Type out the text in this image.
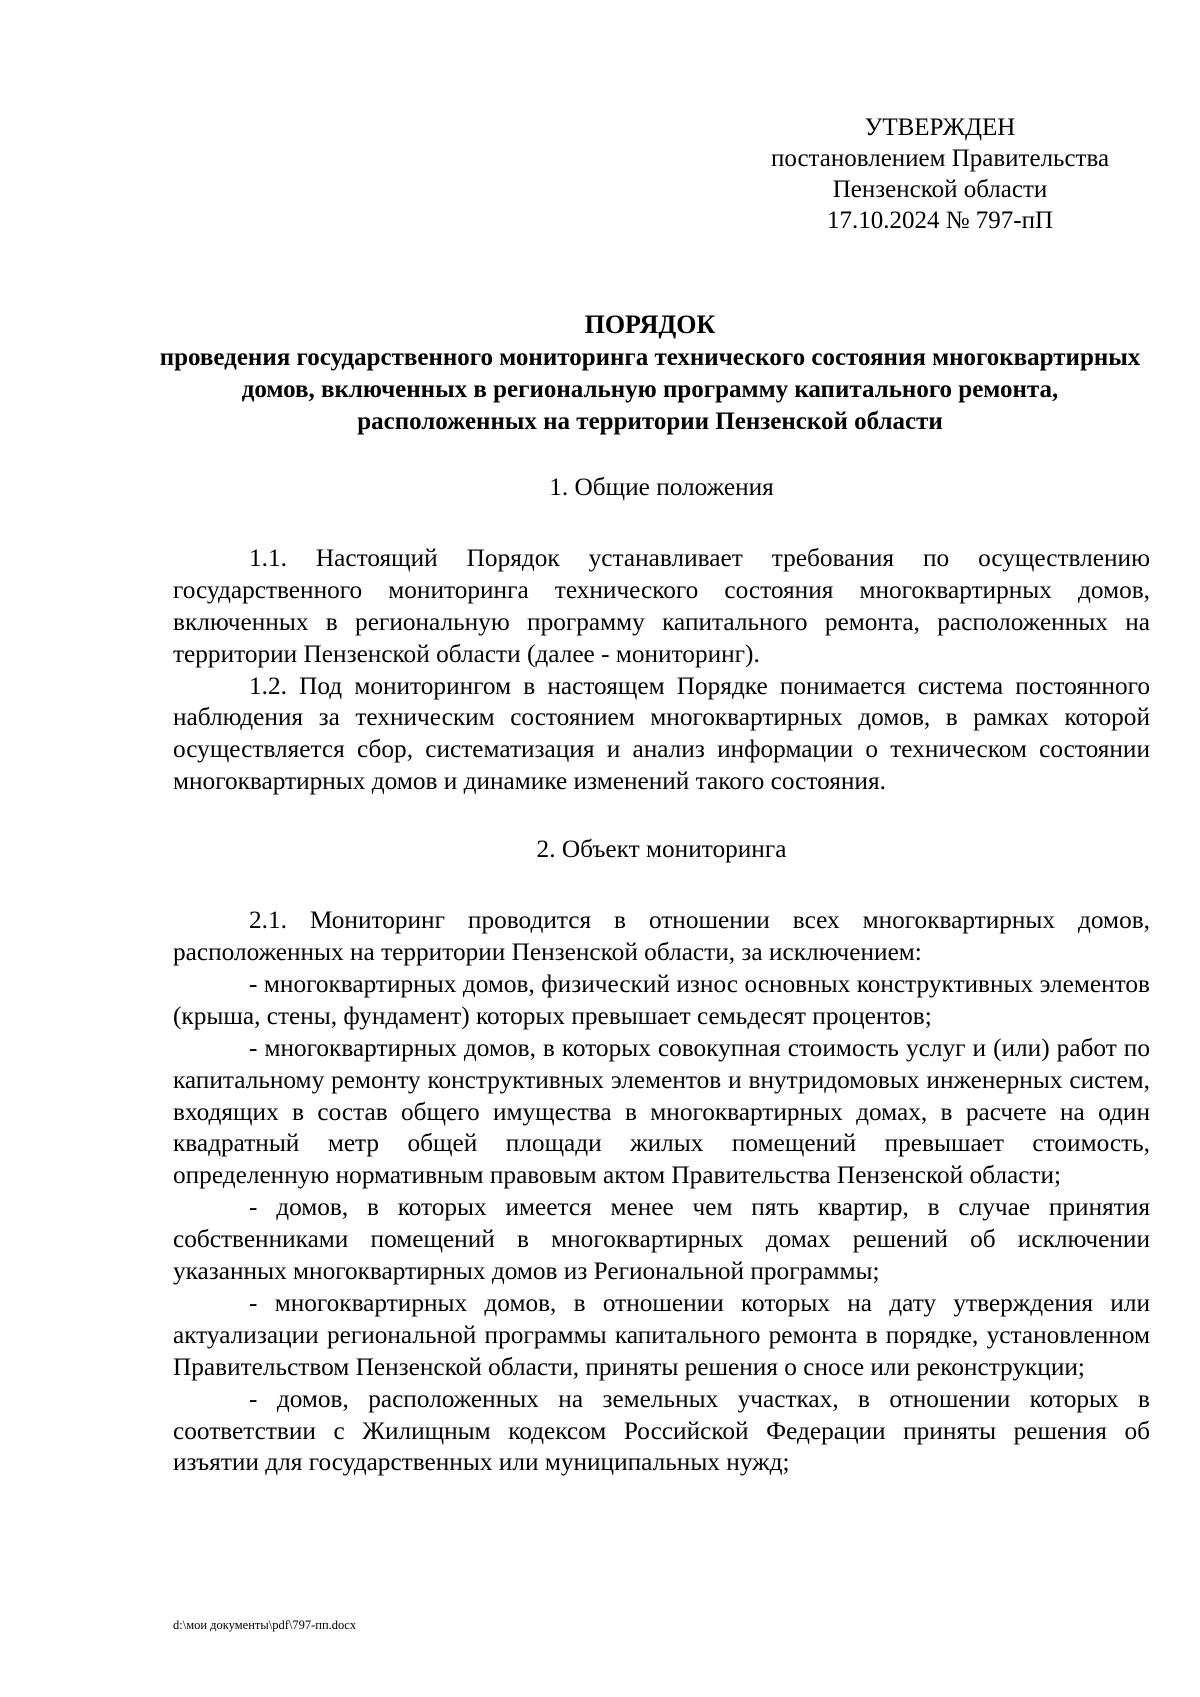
УТВЕРЖДЕН
постановлением Правительства
Пензенской области
17.10.2024 № 797-пП
ПОРЯДОК
проведения государственного мониторинга технического состояния многоквартирных домов, включенных в региональную программу капитального ремонта, расположенных на территории Пензенской области

1. Общие положения

1.1. Настоящий Порядок устанавливает требования по осуществлению государственного мониторинга технического состояния многоквартирных домов, включенных в региональную программу капитального ремонта, расположенных на территории Пензенской области (далее - мониторинг).

1.2. Под мониторингом в настоящем Порядке понимается система постоянного наблюдения за техническим состоянием многоквартирных домов, в рамках которой осуществляется сбор, систематизация и анализ информации о техническом состоянии многоквартирных домов и динамике изменений такого состояния.

2. Объект мониторинга

2.1. Мониторинг проводится в отношении всех многоквартирных домов, расположенных на территории Пензенской области, за исключением:

- многоквартирных домов, физический износ основных конструктивных элементов (крыша, стены, фундамент) которых превышает семьдесят процентов;

- многоквартирных домов, в которых совокупная стоимость услуг и (или) работ по капитальному ремонту конструктивных элементов и внутридомовых инженерных систем, входящих в состав общего имущества в многоквартирных домах, в расчете на один квадратный метр общей площади жилых помещений превышает стоимость, определенную нормативным правовым актом Правительства Пензенской области;

- домов, в которых имеется менее чем пять квартир, в случае принятия собственниками помещений в многоквартирных домах решений об исключении указанных многоквартирных домов из Региональной программы;

- многоквартирных домов, в отношении которых на дату утверждения или актуализации региональной программы капитального ремонта в порядке, установленном Правительством Пензенской области, приняты решения о сносе или реконструкции;

- домов, расположенных на земельных участках, в отношении которых в соответствии с Жилищным кодексом Российской Федерации приняты решения об изъятии для государственных или муниципальных нужд;

d:\мои документы\pdf\797-пп.docx
